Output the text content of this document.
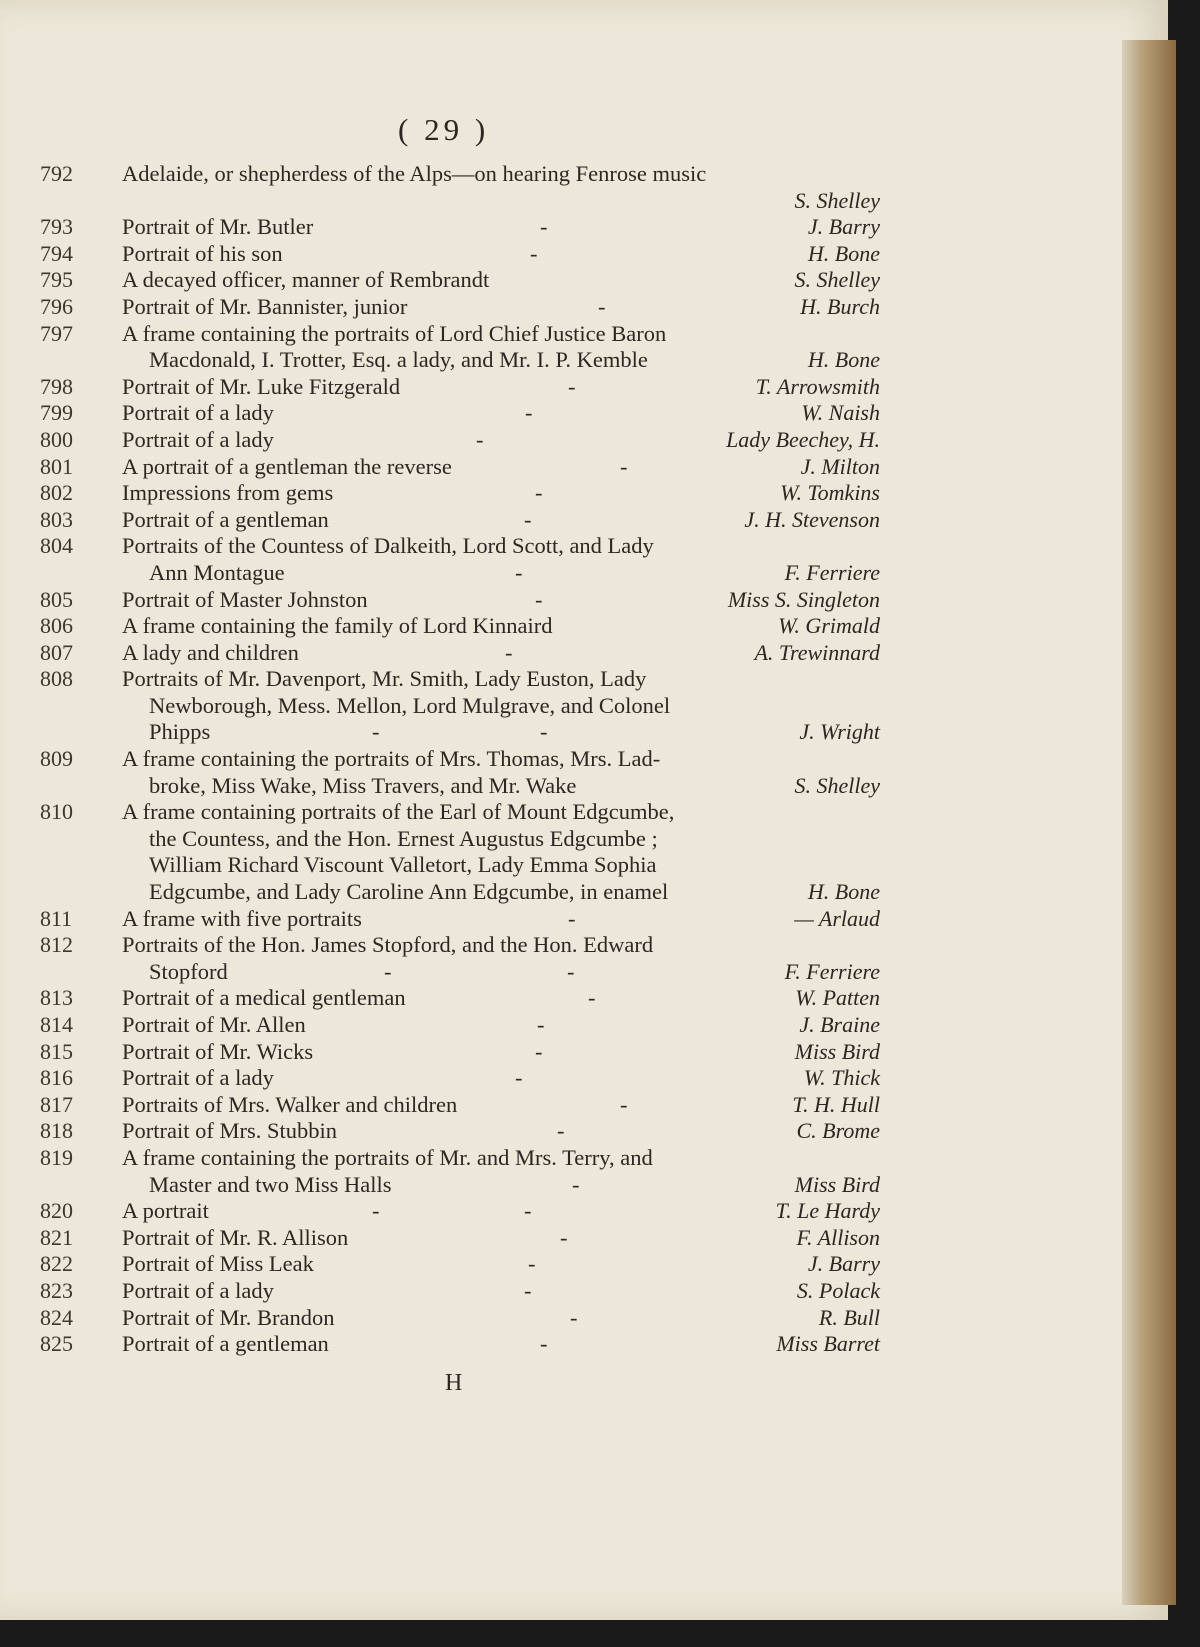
( 29 )
792 Adelaide, or shepherdess of the Alps—on hearing Fenrose music
S. Shelley
793 Portrait of Mr. Butler	-	J. Barry
794 Portrait of his son	-	H. Bone
795 A decayed officer, manner of Rembrandt	S. Shelley
796 Portrait of Mr. Bannister, junior	-	H. Burch
797 A frame containing the portraits of Lord Chief Justice Baron
Macdonald, I. Trotter, Esq. a lady, and Mr. I. P. Kemble	H. Bone
798 Portrait of Mr. Luke Fitzgerald	-	T. Arrowsmith
799 Portrait of a lady	-	W. Naish
800 Portrait of a lady	-	Lady Beechey, H.
801 A portrait of a gentleman the reverse	-	J. Milton
802 Impressions from gems	-	W. Tomkins
803 Portrait of a gentleman	-	J. H. Stevenson
804 Portraits of the Countess of Dalkeith, Lord Scott, and Lady
Ann Montague	-	F. Ferriere
805 Portrait of Master Johnston	-	Miss S. Singleton
806 A frame containing the family of Lord Kinnaird	W. Grimald
807 A lady and children	-	A. Trewinnard
808 Portraits of Mr. Davenport, Mr. Smith, Lady Euston, Lady
Newborough, Mess. Mellon, Lord Mulgrave, and Colonel
Phipps	-	-	J. Wright
809 A frame containing the portraits of Mrs. Thomas, Mrs. Lad-
broke, Miss Wake, Miss Travers, and Mr. Wake	S. Shelley
810 A frame containing portraits of the Earl of Mount Edgcumbe,
the Countess, and the Hon. Ernest Augustus Edgcumbe ;
William Richard Viscount Valletort, Lady Emma Sophia
Edgcumbe, and Lady Caroline Ann Edgcumbe, in enamel	H. Bone
811 A frame with five portraits	-	— Arlaud
812 Portraits of the Hon. James Stopford, and the Hon. Edward
Stopford	-	-	F. Ferriere
813 Portrait of a medical gentleman	-	W. Patten
814 Portrait of Mr. Allen	-	J. Braine
815 Portrait of Mr. Wicks	-	Miss Bird
816 Portrait of a lady	-	W. Thick
817 Portraits of Mrs. Walker and children	-	T. H. Hull
818 Portrait of Mrs. Stubbin	-	C. Brome
819 A frame containing the portraits of Mr. and Mrs. Terry, and
Master and two Miss Halls	-	Miss Bird
820 A portrait	-	-	T. Le Hardy
821 Portrait of Mr. R. Allison	-	F. Allison
822 Portrait of Miss Leak	-	J. Barry
823 Portrait of a lady	-	S. Polack
824 Portrait of Mr. Brandon	-	R. Bull
825 Portrait of a gentleman	-	Miss Barret
H
